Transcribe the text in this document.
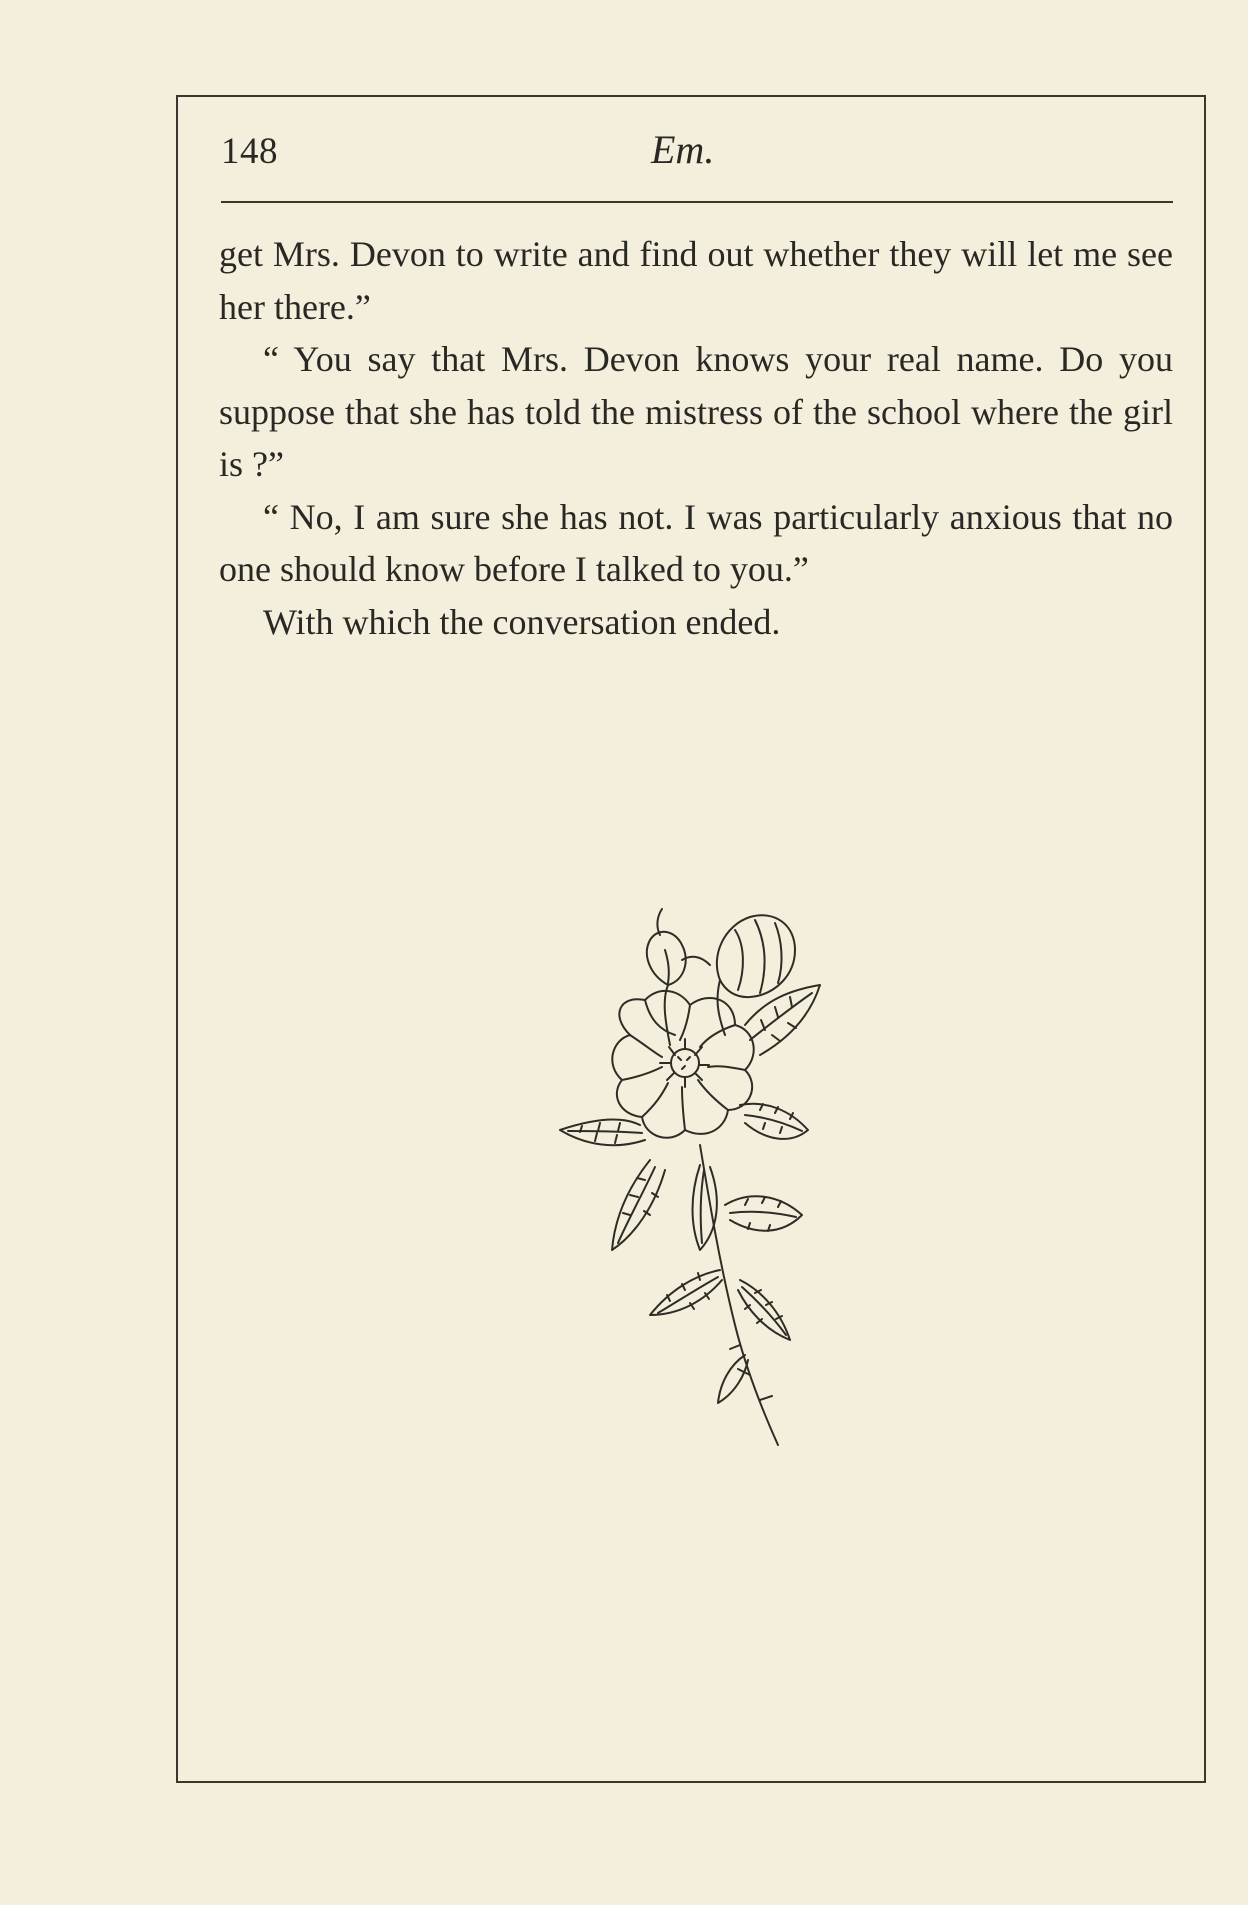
148	Em.

get Mrs. Devon to write and find out whether they will let me see her there.”

“ You say that Mrs. Devon knows your real name. Do you suppose that she has told the mistress of the school where the girl is ?”

“ No, I am sure she has not. I was particularly anxious that no one should know before I talked to you.”

With which the conversation ended.
